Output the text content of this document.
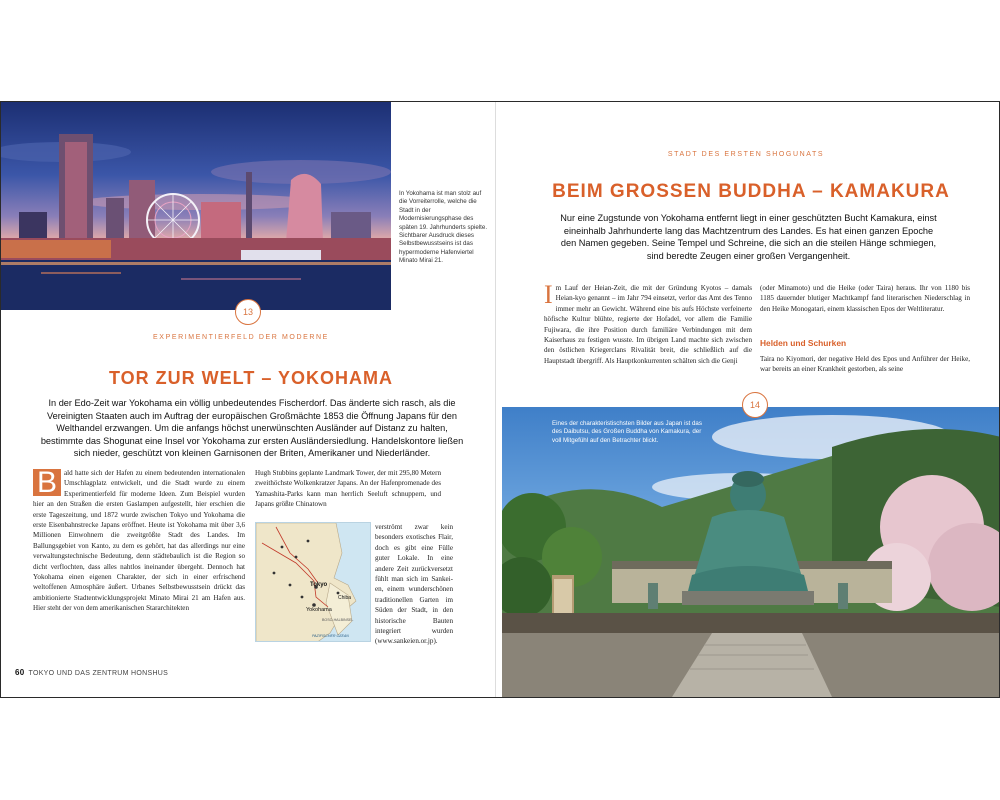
In Yokohama ist man stolz auf die Vorreiterrolle, welche die Stadt in der Modernisierungsphase des späten 19. Jahrhunderts spielte. Sichtbarer Ausdruck dieses Selbstbewusstseins ist das hypermoderne Hafenviertel Minato Mirai 21.
13
EXPERIMENTIERFELD DER MODERNE
TOR ZUR WELT – YOKOHAMA
In der Edo-Zeit war Yokohama ein völlig unbedeutendes Fischerdorf. Das änderte sich rasch, als die Vereinigten Staaten auch im Auftrag der europäischen Großmächte 1853 die Öffnung Japans für den Welthandel erzwangen. Um die anfangs höchst unerwünschten Ausländer auf Distanz zu halten, bestimmte das Shogunat eine Insel vor Yokohama zur ersten Ausländersiedlung. Handelskontore ließen sich nieder, geschützt von kleinen Garnisonen der Briten, Amerikaner und Niederländer.
B ald hatte sich der Hafen zu einem bedeutenden internationalen Umschlagplatz entwickelt, und die Stadt wurde zu einem Experimentierfeld für moderne Ideen. Zum Beispiel wurden hier an den Straßen die ersten Gaslampen aufgestellt, hier erschien die erste Tageszeitung, und 1872 wurde zwischen Tokyo und Yokohama die erste Eisenbahnstrecke Japans eröffnet. Heute ist Yokohama mit über 3,6 Millionen Einwohnern die zweitgrößte Stadt des Landes. Im Ballungsgebiet von Kanto, zu dem es gehört, hat das allerdings nur eine verwaltungstechnische Bedeutung, denn städtebaulich ist die Region so dicht verflochten, dass alles nahtlos ineinander übergeht. Dennoch hat Yokohama einen eigenen Charakter, der sich in einer erfrischend weltoffenen Atmosphäre äußert. Urbanes Selbstbewusstsein drückt das ambitionierte Stadtentwicklungsprojekt Minato Mirai 21 am Hafen aus. Hier steht der von dem amerikanischen Stararchitekten
Hugh Stubbins geplante Landmark Tower, der mit 295,80 Metern zweithöchste Wolkenkratzer Japans. An der Hafenpromenade des Yamashita-Parks kann man herrlich Seeluft schnuppern, und Japans größte Chinatown
Tokyo
Yokohama
Chiba
BOSO-HALBINSEL
PAZIFISCHER OZEAN
verströmt zwar kein besonders exotisches Flair, doch es gibt eine Fülle guter Lokale. In eine andere Zeit zurückversetzt fühlt man sich im Sankei-en, einem wunderschönen traditionellen Garten im Süden der Stadt, in den historische Bauten integriert wurden (www.sankeien.or.jp).
60 TOKYO UND DAS ZENTRUM HONSHUS
STADT DES ERSTEN SHOGUNATS
BEIM GROSSEN BUDDHA – KAMAKURA
Nur eine Zugstunde von Yokohama entfernt liegt in einer geschützten Bucht Kamakura, einst eineinhalb Jahrhunderte lang das Machtzentrum des Landes. Es hat einen ganzen Epoche den Namen gegeben. Seine Tempel und Schreine, die sich an die steilen Hänge schmiegen, sind beredte Zeugen einer großen Vergangenheit.
Im Lauf der Heian-Zeit, die mit der Gründung Kyotos – damals Heian-kyo genannt – im Jahr 794 einsetzt, verlor das Amt des Tenno immer mehr an Gewicht. Während eine bis aufs Höchste verfeinerte höfische Kultur blühte, regierte der Hofadel, vor allem die Familie Fujiwara, die ihre Position durch familiäre Verbindungen mit dem Kaiserhaus zu festigen wusste. Im übrigen Land machte sich zwischen den östlichen Kriegerclans Rivalität breit, die schließlich auf die Hauptstadt übergriff. Als Hauptkonkurrenten schälten sich die Genji
(oder Minamoto) und die Heike (oder Taira) heraus. Ihr von 1180 bis 1185 dauernder blutiger Machtkampf fand literarischen Niederschlag in den Heike Monogatari, einem klassischen Epos der Weltliteratur.
Helden und Schurken
Taira no Kiyomori, der negative Held des Epos und Anführer der Heike, war bereits an einer Krankheit gestorben, als seine
14
Eines der charakteristischsten Bilder aus Japan ist das des Daibutsu, des Großen Buddha von Kamakura, der voll Mitgefühl auf den Betrachter blickt.
